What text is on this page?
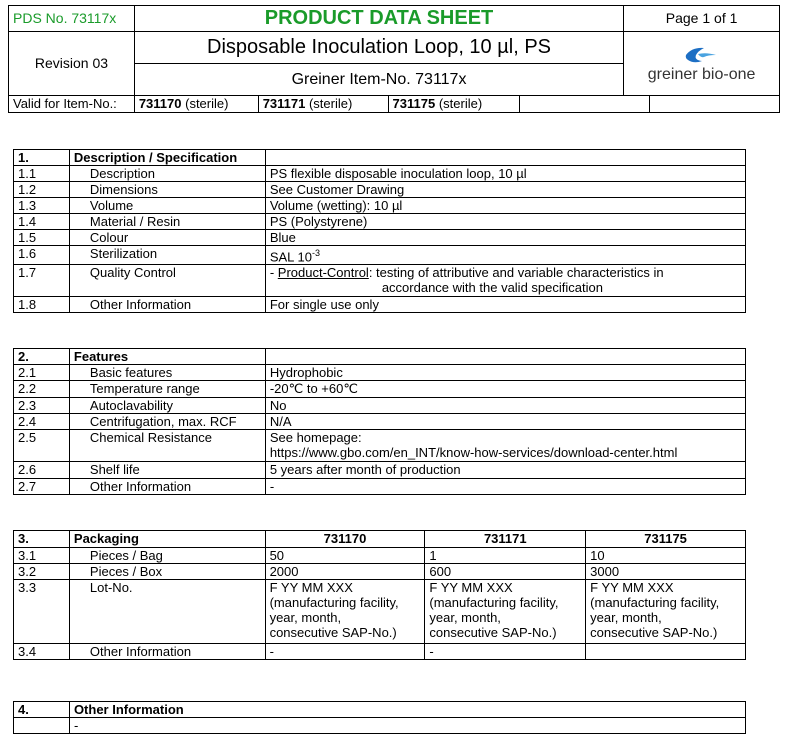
PDS No. 73117x	PRODUCT DATA SHEET	Page 1 of 1
Revision 03	Disposable Inoculation Loop, 10 µl, PS	greiner bio-one

	Greiner Item-No. 73117x	
Valid for Item-No.:	731170 (sterile)	731171 (sterile)	731175 (sterile)		
1.	Description / Specification	
1.1	Description	PS flexible disposable inoculation loop, 10 µl
1.2	Dimensions	See Customer Drawing
1.3	Volume	Volume (wetting): 10 µl
1.4	Material / Resin	PS (Polystyrene)
1.5	Colour	Blue
1.6	Sterilization	SAL $10^{-3}$
1.7	Quality Control	- Product-Control: testing of attributive and variable characteristics in
accordance with the valid specification
1.8	Other Information	For single use only
2.	Features	
2.1	Basic features	Hydrophobic
2.2	Temperature range	-20℃ to +60℃
2.3	Autoclavability	No
2.4	Centrifugation, max. RCF	N/A
2.5	Chemical Resistance	See homepage:
https://www.gbo.com/en_INT/know-how-services/download-center.html
2.6	Shelf life	5 years after month of production
2.7	Other Information	-
3.	Packaging	731170	731171	731175
3.1	Pieces / Bag	50	1	10
3.2	Pieces / Box	2000	600	3000
3.3	Lot-No.	F YY MM XXX
(manufacturing facility,
year, month,
consecutive SAP-No.)	F YY MM XXX
(manufacturing facility,
year, month,
consecutive SAP-No.)	F YY MM XXX
(manufacturing facility,
year, month,
consecutive SAP-No.)
3.4	Other Information	-	-	
4.	Other Information
	-
